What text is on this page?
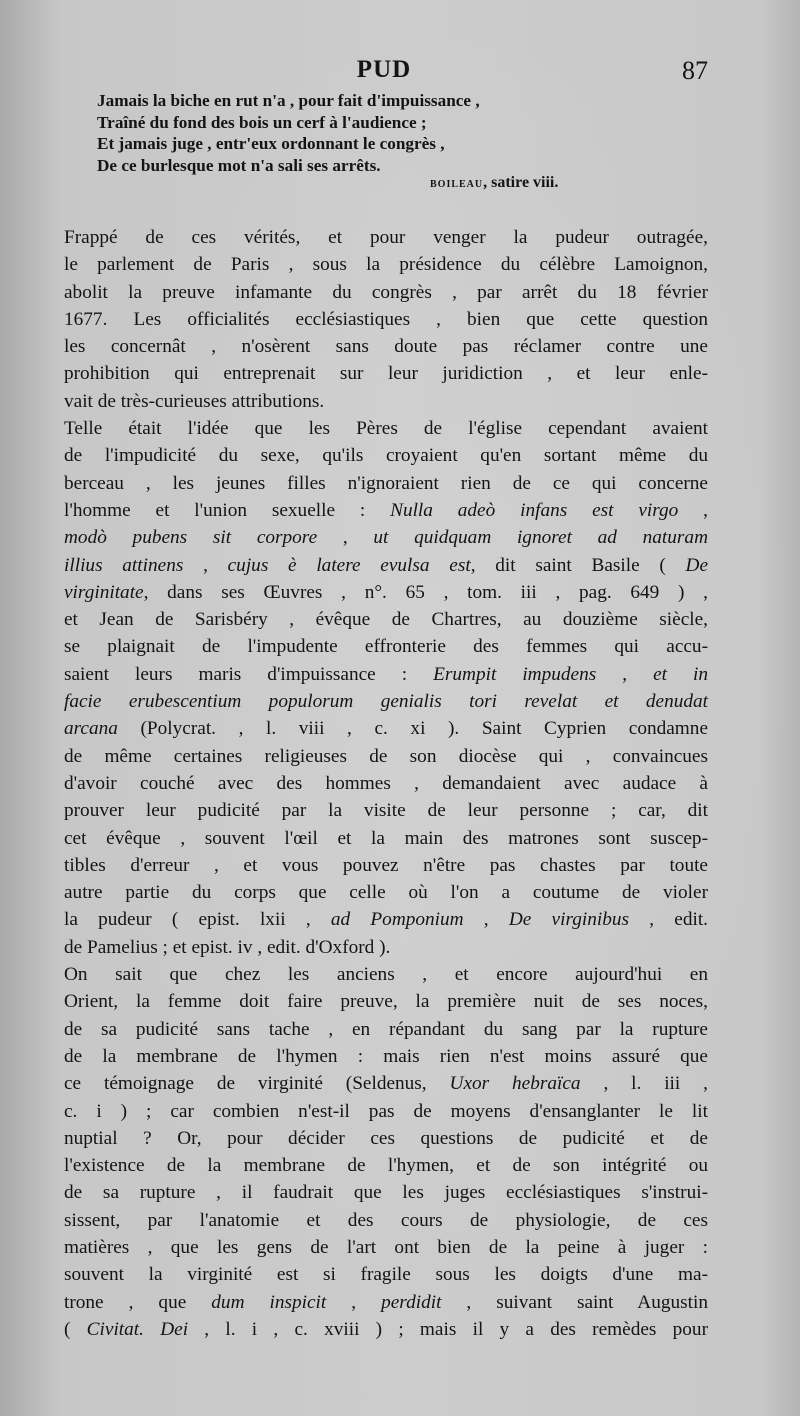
PUD	87
Jamais la biche en rut n'a , pour fait d'impuissance ,
Traîné du fond des bois un cerf à l'audience ;
Et jamais juge , entr'eux ordonnant le congrès ,
De ce burlesque mot n'a sali ses arrêts.
boileau, satire viii.
Frappé de ces vérités, et pour venger la pudeur outragée,
le parlement de Paris , sous la présidence du célèbre Lamoignon,
abolit la preuve infamante du congrès , par arrêt du 18 février
1677. Les officialités ecclésiastiques , bien que cette question
les concernât , n'osèrent sans doute pas réclamer contre une
prohibition qui entreprenait sur leur juridiction , et leur enle-
vait de très-curieuses attributions.
Telle était l'idée que les Pères de l'église cependant avaient
de l'impudicité du sexe, qu'ils croyaient qu'en sortant même du
berceau , les jeunes filles n'ignoraient rien de ce qui concerne
l'homme et l'union sexuelle : Nulla adeò infans est virgo ,
modò pubens sit corpore , ut quidquam ignoret ad naturam
illius attinens , cujus è latere evulsa est, dit saint Basile ( De
virginitate, dans ses Œuvres , n°. 65 , tom. iii , pag. 649 ) ,
et Jean de Sarisbéry , évêque de Chartres, au douzième siècle,
se plaignait de l'impudente effronterie des femmes qui accu-
saient leurs maris d'impuissance : Erumpit impudens , et in
facie erubescentium populorum genialis tori revelat et denudat
arcana (Polycrat. , l. viii , c. xi ). Saint Cyprien condamne
de même certaines religieuses de son diocèse qui , convaincues
d'avoir couché avec des hommes , demandaient avec audace à
prouver leur pudicité par la visite de leur personne ; car, dit
cet évêque , souvent l'œil et la main des matrones sont suscep-
tibles d'erreur , et vous pouvez n'être pas chastes par toute
autre partie du corps que celle où l'on a coutume de violer
la pudeur ( epist. lxii , ad Pomponium , De virginibus , edit.
de Pamelius ; et epist. iv , edit. d'Oxford ).
On sait que chez les anciens , et encore aujourd'hui en
Orient, la femme doit faire preuve, la première nuit de ses noces,
de sa pudicité sans tache , en répandant du sang par la rupture
de la membrane de l'hymen : mais rien n'est moins assuré que
ce témoignage de virginité (Seldenus, Uxor hebraïca , l. iii ,
c. i ) ; car combien n'est-il pas de moyens d'ensanglanter le lit
nuptial ? Or, pour décider ces questions de pudicité et de
l'existence de la membrane de l'hymen, et de son intégrité ou
de sa rupture , il faudrait que les juges ecclésiastiques s'instrui-
sissent, par l'anatomie et des cours de physiologie, de ces
matières , que les gens de l'art ont bien de la peine à juger :
souvent la virginité est si fragile sous les doigts d'une ma-
trone , que dum inspicit , perdidit , suivant saint Augustin
( Civitat. Dei , l. i , c. xviii ) ; mais il y a des remèdes pour
